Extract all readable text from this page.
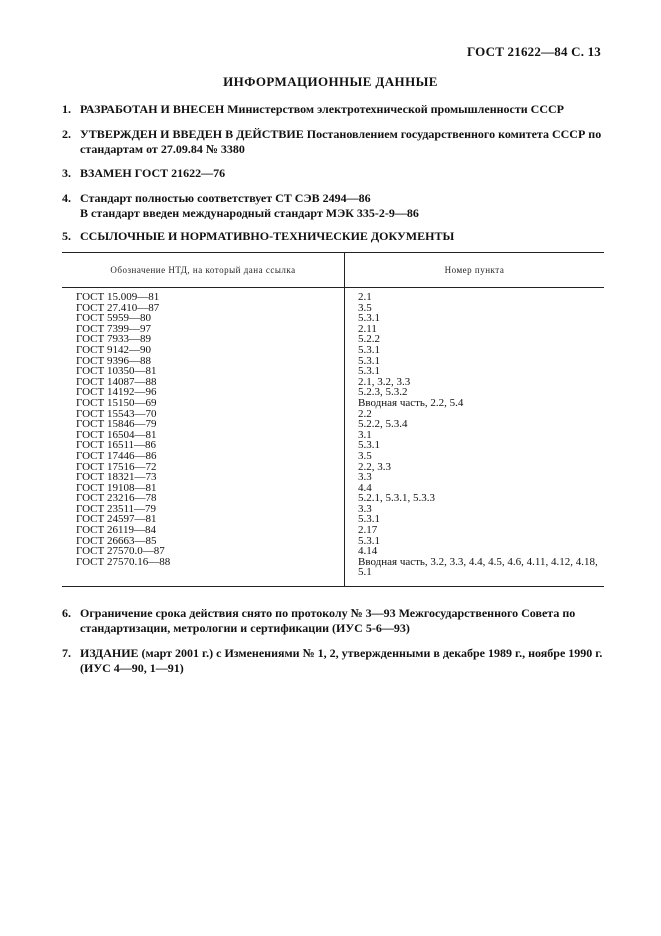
ГОСТ 21622—84 С. 13
ИНФОРМАЦИОННЫЕ ДАННЫЕ
1. РАЗРАБОТАН И ВНЕСЕН Министерством электротехнической промышленности СССР
2. УТВЕРЖДЕН И ВВЕДЕН В ДЕЙСТВИЕ Постановлением государственного комитета СССР по стандартам от 27.09.84 № 3380
3. ВЗАМЕН ГОСТ 21622—76
4. Стандарт полностью соответствует СТ СЭВ 2494—86
В стандарт введен международный стандарт МЭК 335-2-9—86
5. ССЫЛОЧНЫЕ И НОРМАТИВНО-ТЕХНИЧЕСКИЕ ДОКУМЕНТЫ
Обозначение НТД, на который дана ссылка	Номер пункта
ГОСТ 15.009—81	2.1
ГОСТ 27.410—87	3.5
ГОСТ 5959—80	5.3.1
ГОСТ 7399—97	2.11
ГОСТ 7933—89	5.2.2
ГОСТ 9142—90	5.3.1
ГОСТ 9396—88	5.3.1
ГОСТ 10350—81	5.3.1
ГОСТ 14087—88	2.1, 3.2, 3.3
ГОСТ 14192—96	5.2.3, 5.3.2
ГОСТ 15150—69	Вводная часть, 2.2, 5.4
ГОСТ 15543—70	2.2
ГОСТ 15846—79	5.2.2, 5.3.4
ГОСТ 16504—81	3.1
ГОСТ 16511—86	5.3.1
ГОСТ 17446—86	3.5
ГОСТ 17516—72	2.2, 3.3
ГОСТ 18321—73	3.3
ГОСТ 19108—81	4.4
ГОСТ 23216—78	5.2.1, 5.3.1, 5.3.3
ГОСТ 23511—79	3.3
ГОСТ 24597—81	5.3.1
ГОСТ 26119—84	2.17
ГОСТ 26663—85	5.3.1
ГОСТ 27570.0—87	4.14
ГОСТ 27570.16—88	Вводная часть, 3.2, 3.3, 4.4, 4.5, 4.6, 4.11, 4.12, 4.18, 5.1
6. Ограничение срока действия снято по протоколу № 3—93 Межгосударственного Совета по стандартизации, метрологии и сертификации (ИУС 5-6—93)
7. ИЗДАНИЕ (март 2001 г.) с Изменениями № 1, 2, утвержденными в декабре 1989 г., ноябре 1990 г. (ИУС 4—90, 1—91)
